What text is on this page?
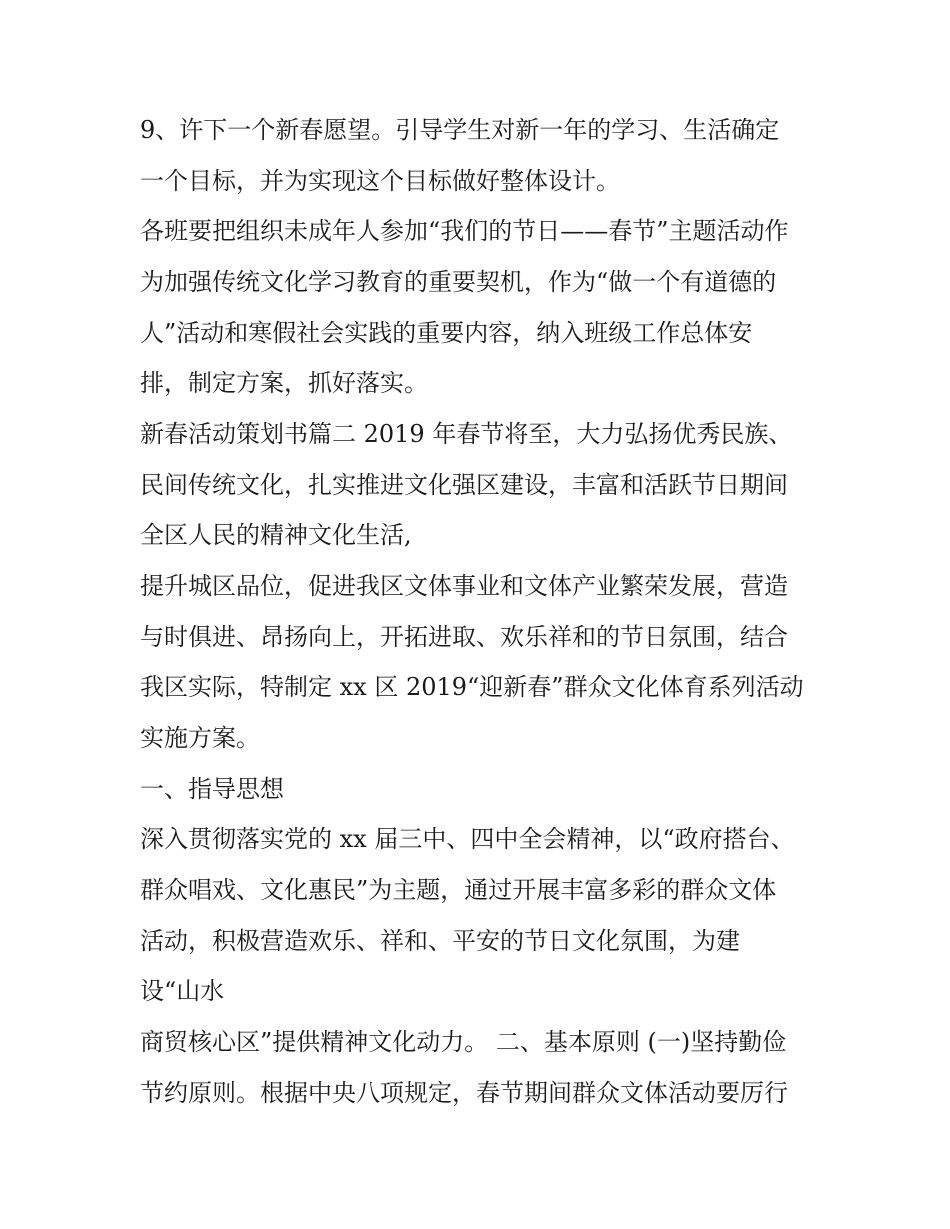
9、许下一个新春愿望。引导学生对新一年的学习、生活确定
一个目标，并为实现这个目标做好整体设计。
各班要把组织未成年人参加“我们的节日——春节”主题活动作
为加强传统文化学习教育的重要契机，作为“做一个有道德的
人”活动和寒假社会实践的重要内容，纳入班级工作总体安
排，制定方案，抓好落实。
新春活动策划书篇二 2019 年春节将至，大力弘扬优秀民族、
民间传统文化，扎实推进文化强区建设，丰富和活跃节日期间
全区人民的精神文化生活,
提升城区品位，促进我区文体事业和文体产业繁荣发展，营造
与时俱进、昂扬向上，开拓进取、欢乐祥和的节日氛围，结合
我区实际，特制定 xx 区 2019“迎新春”群众文化体育系列活动
实施方案。
一、指导思想
深入贯彻落实党的 xx 届三中、四中全会精神，以“政府搭台、
群众唱戏、文化惠民”为主题，通过开展丰富多彩的群众文体
活动，积极营造欢乐、祥和、平安的节日文化氛围，为建
设“山水
商贸核心区”提供精神文化动力。 二、基本原则 (一)坚持勤俭
节约原则。根据中央八项规定，春节期间群众文体活动要厉行
